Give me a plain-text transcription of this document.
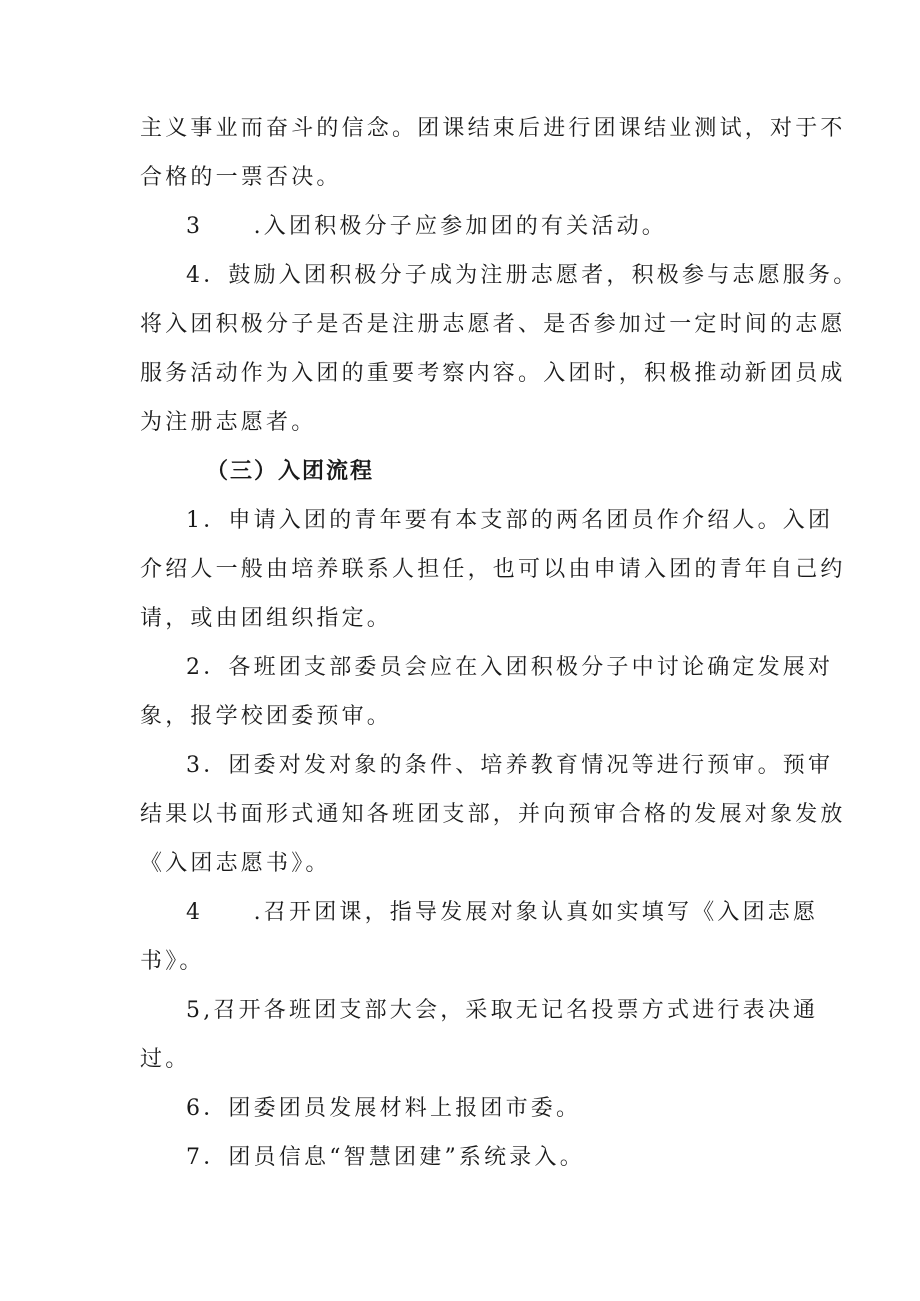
主义事业而奋斗的信念。团课结束后进行团课结业测试，对于不
合格的一票否决。
3　　.入团积极分子应参加团的有关活动。
4．鼓励入团积极分子成为注册志愿者，积极参与志愿服务。
将入团积极分子是否是注册志愿者、是否参加过一定时间的志愿
服务活动作为入团的重要考察内容。入团时，积极推动新团员成
为注册志愿者。
（三）入团流程
1．申请入团的青年要有本支部的两名团员作介绍人。入团
介绍人一般由培养联系人担任，也可以由申请入团的青年自己约
请，或由团组织指定。
2．各班团支部委员会应在入团积极分子中讨论确定发展对
象，报学校团委预审。
3．团委对发对象的条件、培养教育情况等进行预审。预审
结果以书面形式通知各班团支部，并向预审合格的发展对象发放
《入团志愿书》。
4　　.召开团课，指导发展对象认真如实填写《入团志愿
书》。
5,召开各班团支部大会，采取无记名投票方式进行表决通
过。
6．团委团员发展材料上报团市委。
7．团员信息“智慧团建”系统录入。
